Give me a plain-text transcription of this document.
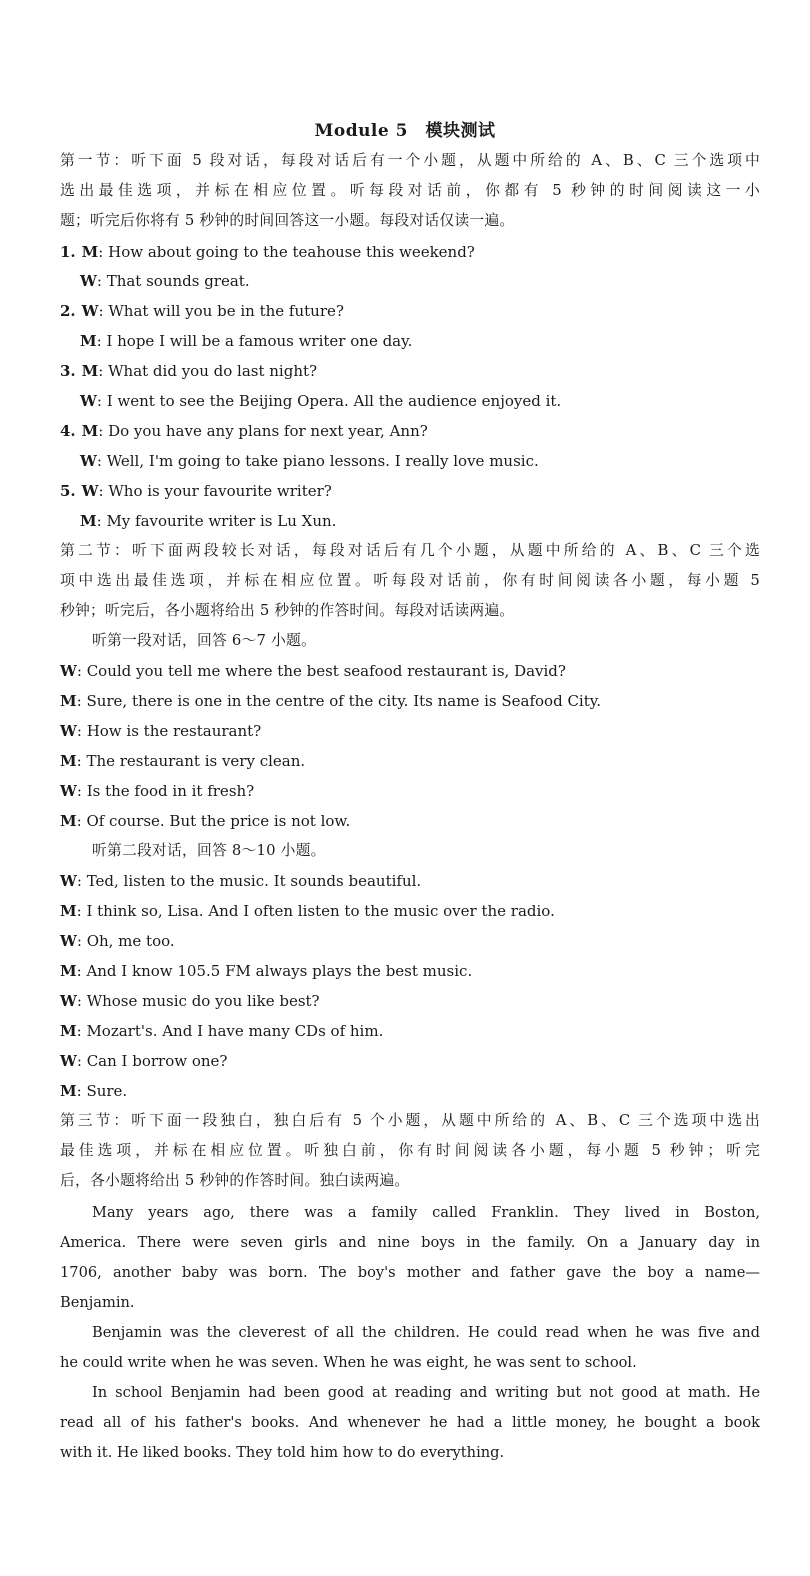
Module 5　模块测试
第一节：听下面 5 段对话，每段对话后有一个小题，从题中所给的 A、B、C 三个选项中
选出最佳选项，并标在相应位置。听每段对话前，你都有 5 秒钟的时间阅读这一小
题；听完后你将有 5 秒钟的时间回答这一小题。每段对话仅读一遍。
1. M: How about going to the teahouse this weekend?
W: That sounds great.
2. W: What will you be in the future?
M: I hope I will be a famous writer one day.
3. M: What did you do last night?
W: I went to see the Beijing Opera. All the audience enjoyed it.
4. M: Do you have any plans for next year, Ann?
W: Well, I'm going to take piano lessons. I really love music.
5. W: Who is your favourite writer?
M: My favourite writer is Lu Xun.
第二节：听下面两段较长对话，每段对话后有几个小题，从题中所给的 A、B、C 三个选
项中选出最佳选项，并标在相应位置。听每段对话前，你有时间阅读各小题，每小题 5
秒钟；听完后，各小题将给出 5 秒钟的作答时间。每段对话读两遍。
听第一段对话，回答 6～7 小题。
W: Could you tell me where the best seafood restaurant is, David?
M: Sure, there is one in the centre of the city. Its name is Seafood City.
W: How is the restaurant?
M: The restaurant is very clean.
W: Is the food in it fresh?
M: Of course. But the price is not low.
听第二段对话，回答 8～10 小题。
W: Ted, listen to the music. It sounds beautiful.
M: I think so, Lisa. And I often listen to the music over the radio.
W: Oh, me too.
M: And I know 105.5 FM always plays the best music.
W: Whose music do you like best?
M: Mozart's. And I have many CDs of him.
W: Can I borrow one?
M: Sure.
第三节：听下面一段独白，独白后有 5 个小题，从题中所给的 A、B、C 三个选项中选出
最佳选项，并标在相应位置。听独白前，你有时间阅读各小题，每小题 5 秒钟；听完
后，各小题将给出 5 秒钟的作答时间。独白读两遍。
Many years ago, there was a family called Franklin. They lived in Boston,
America. There were seven girls and nine boys in the family. On a January day in
1706, another baby was born. The boy's mother and father gave the boy a name—
Benjamin.
Benjamin was the cleverest of all the children. He could read when he was five and
he could write when he was seven. When he was eight, he was sent to school.
In school Benjamin had been good at reading and writing but not good at math. He
read all of his father's books. And whenever he had a little money, he bought a book
with it. He liked books. They told him how to do everything.
